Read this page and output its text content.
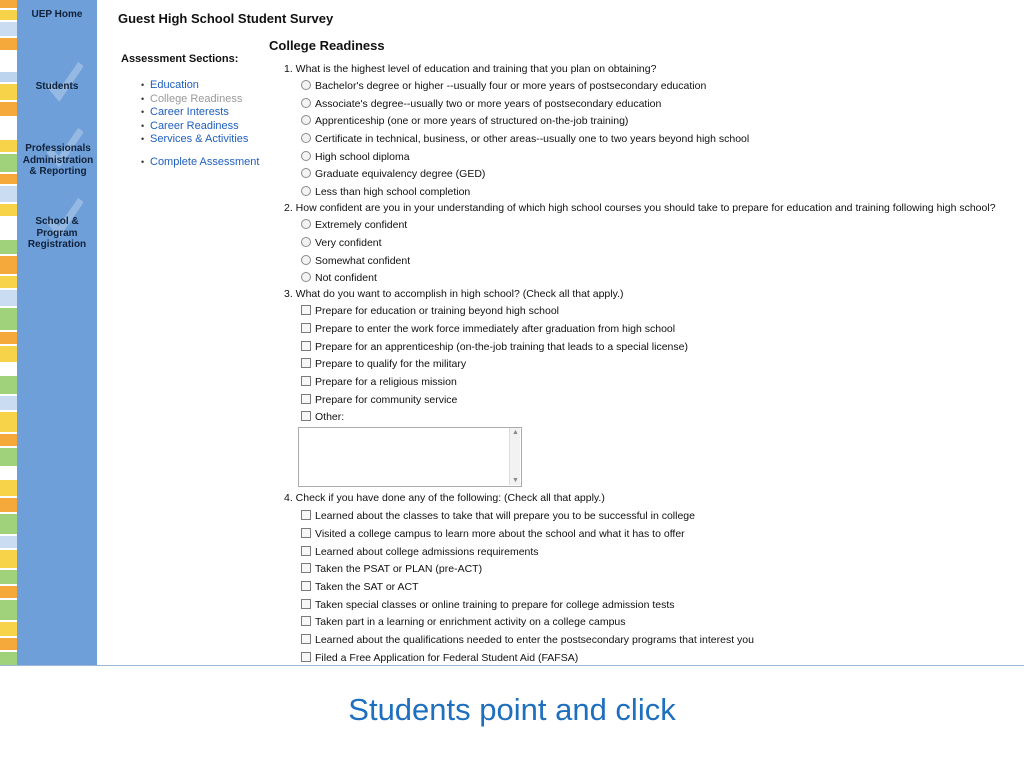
UEP Home
Students
Professionals Administration & Reporting
School & Program Registration
Guest High School Student Survey
Assessment Sections:
• Education
• College Readiness
• Career Interests
• Career Readiness
• Services & Activities
• Complete Assessment
College Readiness
1. What is the highest level of education and training that you plan on obtaining?
Bachelor's degree or higher --usually four or more years of postsecondary education
Associate's degree--usually two or more years of postsecondary education
Apprenticeship (one or more years of structured on-the-job training)
Certificate in technical, business, or other areas--usually one to two years beyond high school
High school diploma
Graduate equivalency degree (GED)
Less than high school completion
2. How confident are you in your understanding of which high school courses you should take to prepare for education and training following high school?
Extremely confident
Very confident
Somewhat confident
Not confident
3. What do you want to accomplish in high school? (Check all that apply.)
Prepare for education or training beyond high school
Prepare to enter the work force immediately after graduation from high school
Prepare for an apprenticeship (on-the-job training that leads to a special license)
Prepare to qualify for the military
Prepare for a religious mission
Prepare for community service
Other:
▲
▼
4. Check if you have done any of the following: (Check all that apply.)
Learned about the classes to take that will prepare you to be successful in college
Visited a college campus to learn more about the school and what it has to offer
Learned about college admissions requirements
Taken the PSAT or PLAN (pre-ACT)
Taken the SAT or ACT
Taken special classes or online training to prepare for college admission tests
Taken part in a learning or enrichment activity on a college campus
Learned about the qualifications needed to enter the postsecondary programs that interest you
Filed a Free Application for Federal Student Aid (FAFSA)
Students point and click
